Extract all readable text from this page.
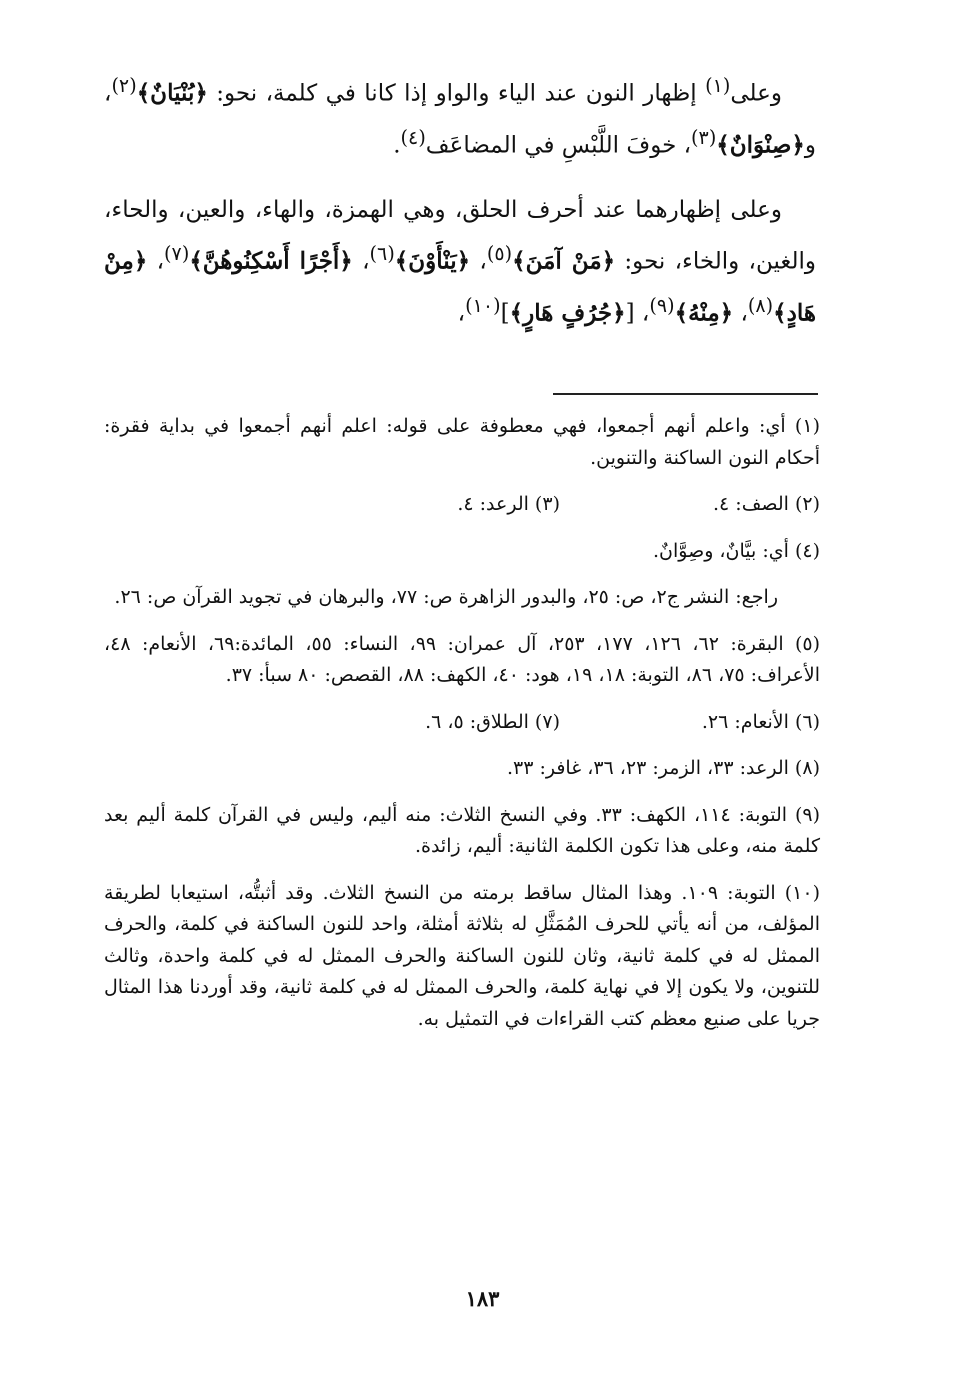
وعلى$^{(١)}$ إظهار النون عند الياء والواو إذا كانا في كلمة، نحو: ﴿بُنْيَانٌ﴾$^{(٢)}$، و﴿صِنْوَانٌ﴾$^{(٣)}$، خوفَ اللَّبْسِ في المضاعَف$^{(٤)}$.

وعلى إظهارهما عند أحرف الحلق، وهي الهمزة، والهاء، والعين، والحاء، والغين، والخاء، نحو: ﴿مَنْ آمَنَ﴾$^{(٥)}$، ﴿يَنْأَوْنَ﴾$^{(٦)}$، ﴿أَجْرًا أَسْكِنُوهُنَّ﴾$^{(٧)}$، ﴿مِنْ هَادٍ﴾$^{(٨)}$، ﴿مِنْهُ﴾$^{(٩)}$، [﴿جُرُفٍ هَارٍ﴾]$^{(١٠)}$،

(١) أي: واعلم أنهم أجمعوا، فهي معطوفة على قوله: اعلم أنهم أجمعوا في بداية فقرة: أحكام النون الساكنة والتنوين.

(٢) الصف: ٤.
(٣) الرعد: ٤.

(٤) أي: بيَّانٌ، وصِوَّانٌ.

راجع: النشر ج٢، ص: ٢٥، والبدور الزاهرة ص: ٧٧، والبرهان في تجويد القرآن ص: ٢٦.

(٥) البقرة: ٦٢، ١٢٦، ١٧٧، ٢٥٣، آل عمران: ٩٩، النساء: ٥٥، المائدة:٦٩، الأنعام: ٤٨، الأعراف: ٧٥، ٨٦، التوبة: ١٨، ١٩، هود: ٤٠، الكهف: ٨٨، القصص: ٨٠ سبأ: ٣٧.

(٦) الأنعام: ٢٦.
(٧) الطلاق: ٥، ٦.

(٨) الرعد: ٣٣، الزمر: ٢٣، ٣٦، غافر: ٣٣.

(٩) التوبة: ١١٤، الكهف: ٣٣. وفي النسخ الثلاث: منه أليم، وليس في القرآن كلمة أليم بعد كلمة منه، وعلى هذا تكون الكلمة الثانية: أليم، زائدة.

(١٠) التوبة: ١٠٩. وهذا المثال ساقط برمته من النسخ الثلاث. وقد أثبتُّه، استيعابا لطريقة المؤلف، من أنه يأتي للحرف المُمَثَّلِ له بثلاثة أمثلة، واحد للنون الساكنة في كلمة، والحرف الممثل له في كلمة ثانية، وثان للنون الساكنة والحرف الممثل له في كلمة واحدة، وثالث للتنوين، ولا يكون إلا في نهاية كلمة، والحرف الممثل له في كلمة ثانية، وقد أوردنا هذا المثال جريا على صنيع معظم كتب القراءات في التمثيل به.

١٨٣
